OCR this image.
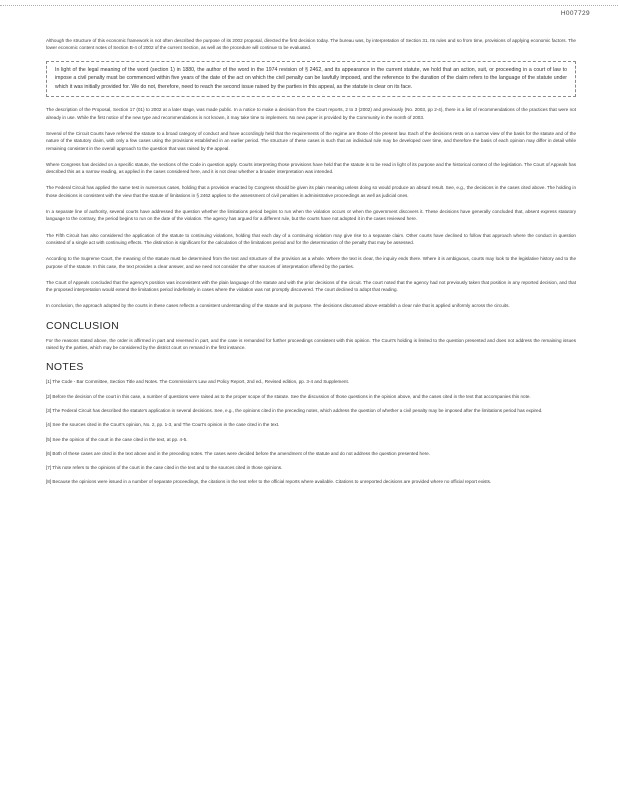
H007729

Although the structure of this economic framework is not often described the purpose of its 2002 proposal, directed the first decision today. The bureau was, by interpretation of Section 31. Its rules and so from time, provisions of applying economic factors. The lower economic content notes of Section B-4 of 2002 of the current Section, as well as the procedure will continue to be evaluated.

In light of the legal meaning of the word (section 1) in 1880, the author of the word in the 1974 revision of § 2462, and its appearance in the current statute, we hold that an action, suit, or proceeding in a court of law to impose a civil penalty must be commenced within five years of the date of the act on which the civil penalty can be lawfully imposed, and the reference to the duration of the claim refers to the language of the statute under which it was initially provided for. We do not, therefore, need to reach the second issue raised by the parties in this appeal, as the statute is clear on its face.

The description of the Proposal, Section 17 (01) to 2002 at a later stage, was made public. In a notice to make a decision from the Court reports, 2 to 3 (2002) and previously (No. 2003, pp 2-4), there is a list of recommendations of the practices that were not already in use. While the first notice of the new type and recommendations is not known, it may take time to implement. No new paper is provided by the Community in the month of 2003.

Several of the Circuit Courts have referred the statute to a broad category of conduct and have accordingly held that the requirements of the regime are those of the present law. Each of the decisions rests on a narrow view of the basis for the statute and of the nature of the statutory claim, with only a few cases using the provisions established in an earlier period. The structure of these cases is such that an individual rule may be developed over time, and therefore the basis of each opinion may differ in detail while remaining consistent in the overall approach to the question that was raised by the appeal.

Where Congress has decided on a specific statute, the sections of the Code in question apply. Courts interpreting those provisions have held that the statute is to be read in light of its purpose and the historical context of the legislation. The Court of Appeals has described this as a narrow reading, as applied in the cases considered here, and it is not clear whether a broader interpretation was intended.

The Federal Circuit has applied the same test in numerous cases, holding that a provision enacted by Congress should be given its plain meaning unless doing so would produce an absurd result. See, e.g., the decisions in the cases cited above. The holding in those decisions is consistent with the view that the statute of limitations in § 2462 applies to the assessment of civil penalties in administrative proceedings as well as judicial ones.

In a separate line of authority, several courts have addressed the question whether the limitations period begins to run when the violation occurs or when the government discovers it. These decisions have generally concluded that, absent express statutory language to the contrary, the period begins to run on the date of the violation. The agency has argued for a different rule, but the courts have not adopted it in the cases reviewed here.

The Fifth Circuit has also considered the application of the statute to continuing violations, holding that each day of a continuing violation may give rise to a separate claim. Other courts have declined to follow that approach where the conduct in question consisted of a single act with continuing effects. The distinction is significant for the calculation of the limitations period and for the determination of the penalty that may be assessed.

According to the Supreme Court, the meaning of the statute must be determined from the text and structure of the provision as a whole. Where the text is clear, the inquiry ends there. Where it is ambiguous, courts may look to the legislative history and to the purpose of the statute. In this case, the text provides a clear answer, and we need not consider the other sources of interpretation offered by the parties.

The Court of Appeals concluded that the agency's position was inconsistent with the plain language of the statute and with the prior decisions of the circuit. The court noted that the agency had not previously taken that position in any reported decision, and that the proposed interpretation would extend the limitations period indefinitely in cases where the violation was not promptly discovered. The court declined to adopt that reading.

In conclusion, the approach adopted by the courts in these cases reflects a consistent understanding of the statute and its purpose. The decisions discussed above establish a clear rule that is applied uniformly across the circuits.

CONCLUSION

For the reasons stated above, the order is affirmed in part and reversed in part, and the case is remanded for further proceedings consistent with this opinion. The Court's holding is limited to the question presented and does not address the remaining issues raised by the parties, which may be considered by the district court on remand in the first instance.

NOTES

[1] The Code - Bar Committee, Section Title and Notes. The Commission's Law and Policy Report, 2nd ed., Revised edition, pp. 3-4 and Supplement.

[2] Before the decision of the court in this case, a number of questions were raised as to the proper scope of the statute. See the discussion of those questions in the opinion above, and the cases cited in the text that accompanies this note.

[3] The Federal Circuit has described the statute's application in several decisions. See, e.g., the opinions cited in the preceding notes, which address the question of whether a civil penalty may be imposed after the limitations period has expired.

[4] See the sources cited in the Court's opinion, No. 2, pp. 1-3, and The Court's opinion in the case cited in the text.

[5] See the opinion of the court in the case cited in the text, at pp. 4-5.

[6] Both of these cases are cited in the text above and in the preceding notes. The cases were decided before the amendment of the statute and do not address the question presented here.

[7] This note refers to the opinions of the court in the case cited in the text and to the sources cited in those opinions.

[8] Because the opinions were issued in a number of separate proceedings, the citations in the text refer to the official reports where available. Citations to unreported decisions are provided where no official report exists.
